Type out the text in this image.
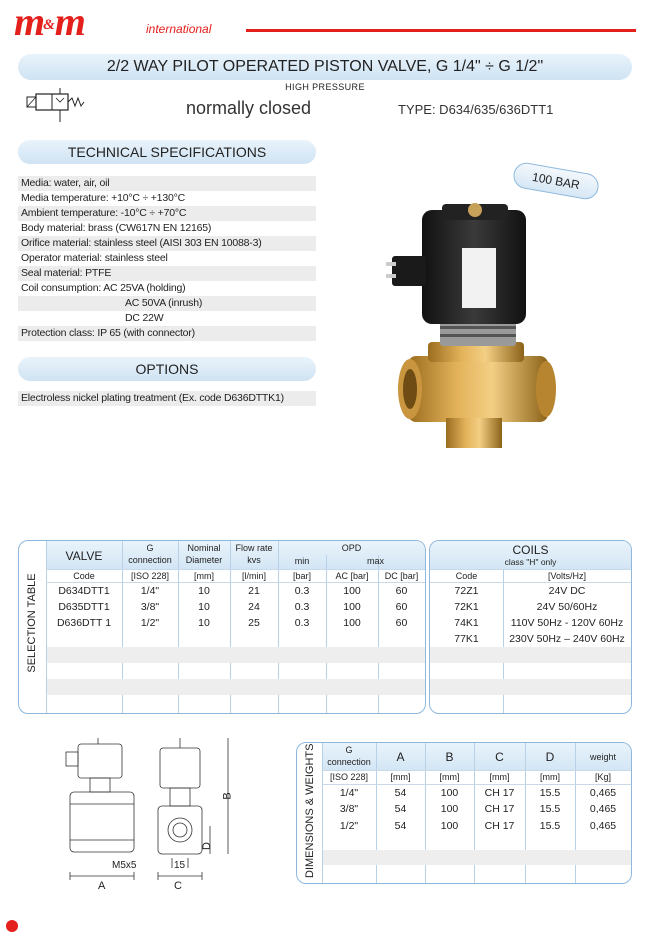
m&m	international
2/2 WAY PILOT OPERATED PISTON VALVE, G 1/4" ÷ G 1/2"
HIGH PRESSURE
normally closed	TYPE: D634/635/636DTT1
TECHNICAL SPECIFICATIONS
Media: water, air, oil
Media temperature: +10°C ÷ +130°C
Ambient temperature: -10°C ÷ +70°C
Body material: brass (CW617N EN 12165)
Orifice material: stainless steel (AISI 303 EN 10088-3)
Operator material: stainless steel
Seal material: PTFE
Coil consumption: AC 25VA (holding)
AC 50VA (inrush)
DC 22W
Protection class: IP 65 (with connector)
OPTIONS
Electroless nickel plating treatment (Ex. code D636DTTK1)
100 BAR
SELECTION TABLE
VALVE
G
connection
Nominal
Diameter
Flow rate
kvs
OPD
min	max
Code	[ISO 228]	[mm]	[l/min]	[bar]	AC [bar]	DC [bar]
D634DTT1	1/4"	10	21	0.3	100	60
D635DTT1	3/8"	10	24	0.3	100	60
D636DTT 1	1/2"	10	25	0.3	100	60
COILS
class "H" only
Code	[Volts/Hz]
72Z1	24V DC
72K1	24V 50/60Hz
74K1	110V 50Hz - 120V 60Hz
77K1	230V 50Hz – 240V 60Hz
B
D
15
M5x5
A	C
DIMENSIONS & WEIGHTS	G
connection	A	B	C	D	weight
[ISO 228]	[mm]	[mm]	[mm]	[mm]	[Kg]
1/4"	54	100	CH 17	15.5	0,465
3/8"	54	100	CH 17	15.5	0,465
1/2"	54	100	CH 17	15.5	0,465
